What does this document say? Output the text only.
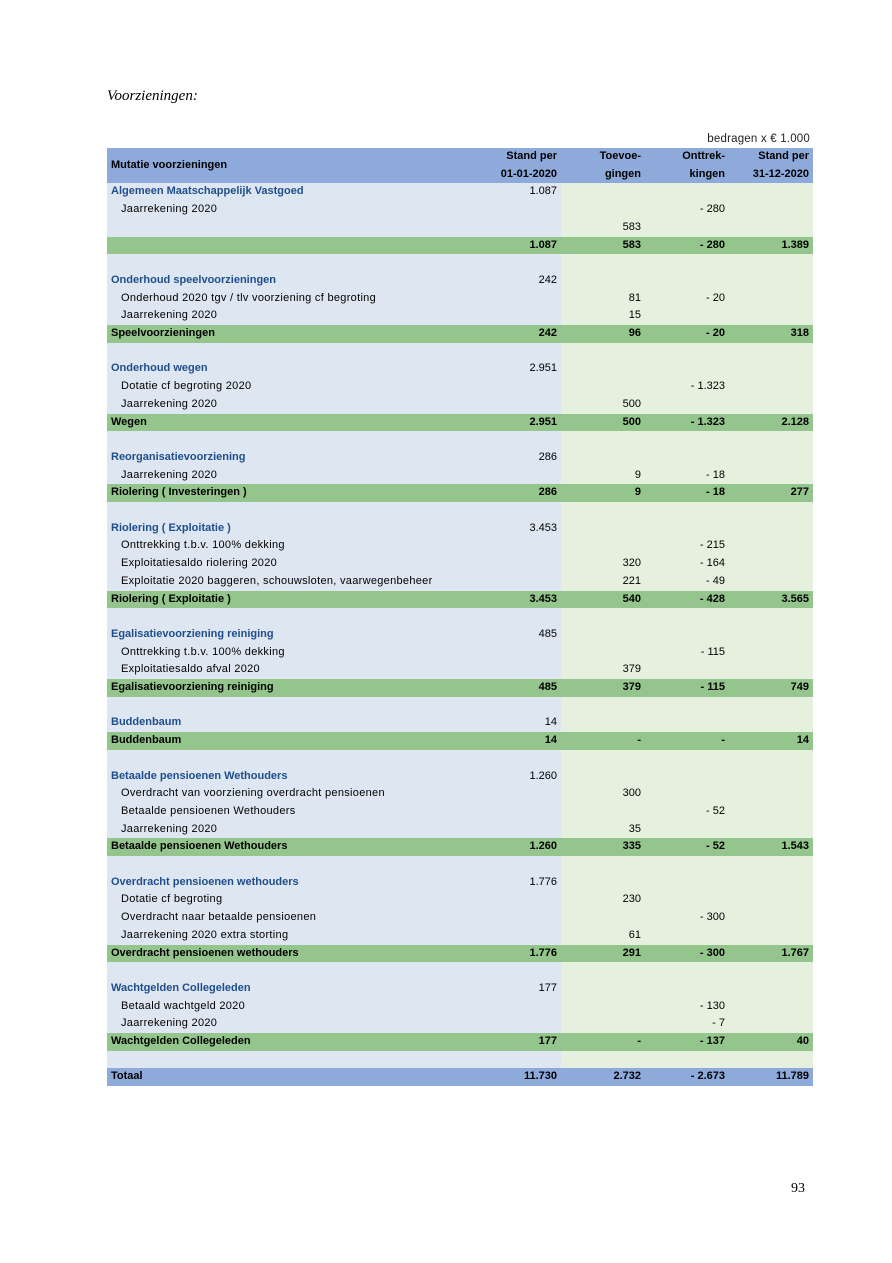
Voorzieningen:
bedragen x € 1.000
Mutatie voorzieningen	Stand per	Toevoe-	Onttrek-	Stand per
	01-01-2020	gingen	kingen	31-12-2020
Algemeen Maatschappelijk Vastgoed	1.087			
Jaarrekening 2020			- 280	
		583		
	1.087	583	- 280	1.389

Onderhoud speelvoorzieningen	242			
Onderhoud 2020 tgv / tlv voorziening cf begroting		81	- 20	
Jaarrekening 2020		15		
Speelvoorzieningen	242	96	- 20	318

Onderhoud wegen	2.951			
Dotatie cf begroting 2020			- 1.323	
Jaarrekening 2020		500		
Wegen	2.951	500	- 1.323	2.128

Reorganisatievoorziening	286			
Jaarrekening 2020		9	- 18	
Riolering ( Investeringen )	286	9	- 18	277

Riolering ( Exploitatie )	3.453			
Onttrekking t.b.v. 100% dekking			- 215	
Exploitatiesaldo riolering 2020		320	- 164	
Exploitatie 2020 baggeren, schouwsloten, vaarwegenbeheer		221	- 49	
Riolering ( Exploitatie )	3.453	540	- 428	3.565

Egalisatievoorziening reiniging	485			
Onttrekking t.b.v. 100% dekking			- 115	
Exploitatiesaldo afval 2020		379		
Egalisatievoorziening reiniging	485	379	- 115	749

Buddenbaum	14			
Buddenbaum	14	-	-	14

Betaalde pensioenen Wethouders	1.260			
Overdracht van voorziening overdracht pensioenen		300		
Betaalde pensioenen Wethouders			- 52	
Jaarrekening 2020		35		
Betaalde pensioenen Wethouders	1.260	335	- 52	1.543

Overdracht pensioenen wethouders	1.776			
Dotatie cf begroting		230		
Overdracht naar betaalde pensioenen			- 300	
Jaarrekening 2020 extra storting		61		
Overdracht pensioenen wethouders	1.776	291	- 300	1.767

Wachtgelden Collegeleden	177			
Betaald wachtgeld 2020			- 130	
Jaarrekening 2020			- 7	
Wachtgelden Collegeleden	177	-	- 137	40

Totaal	11.730	2.732	- 2.673	11.789
93
